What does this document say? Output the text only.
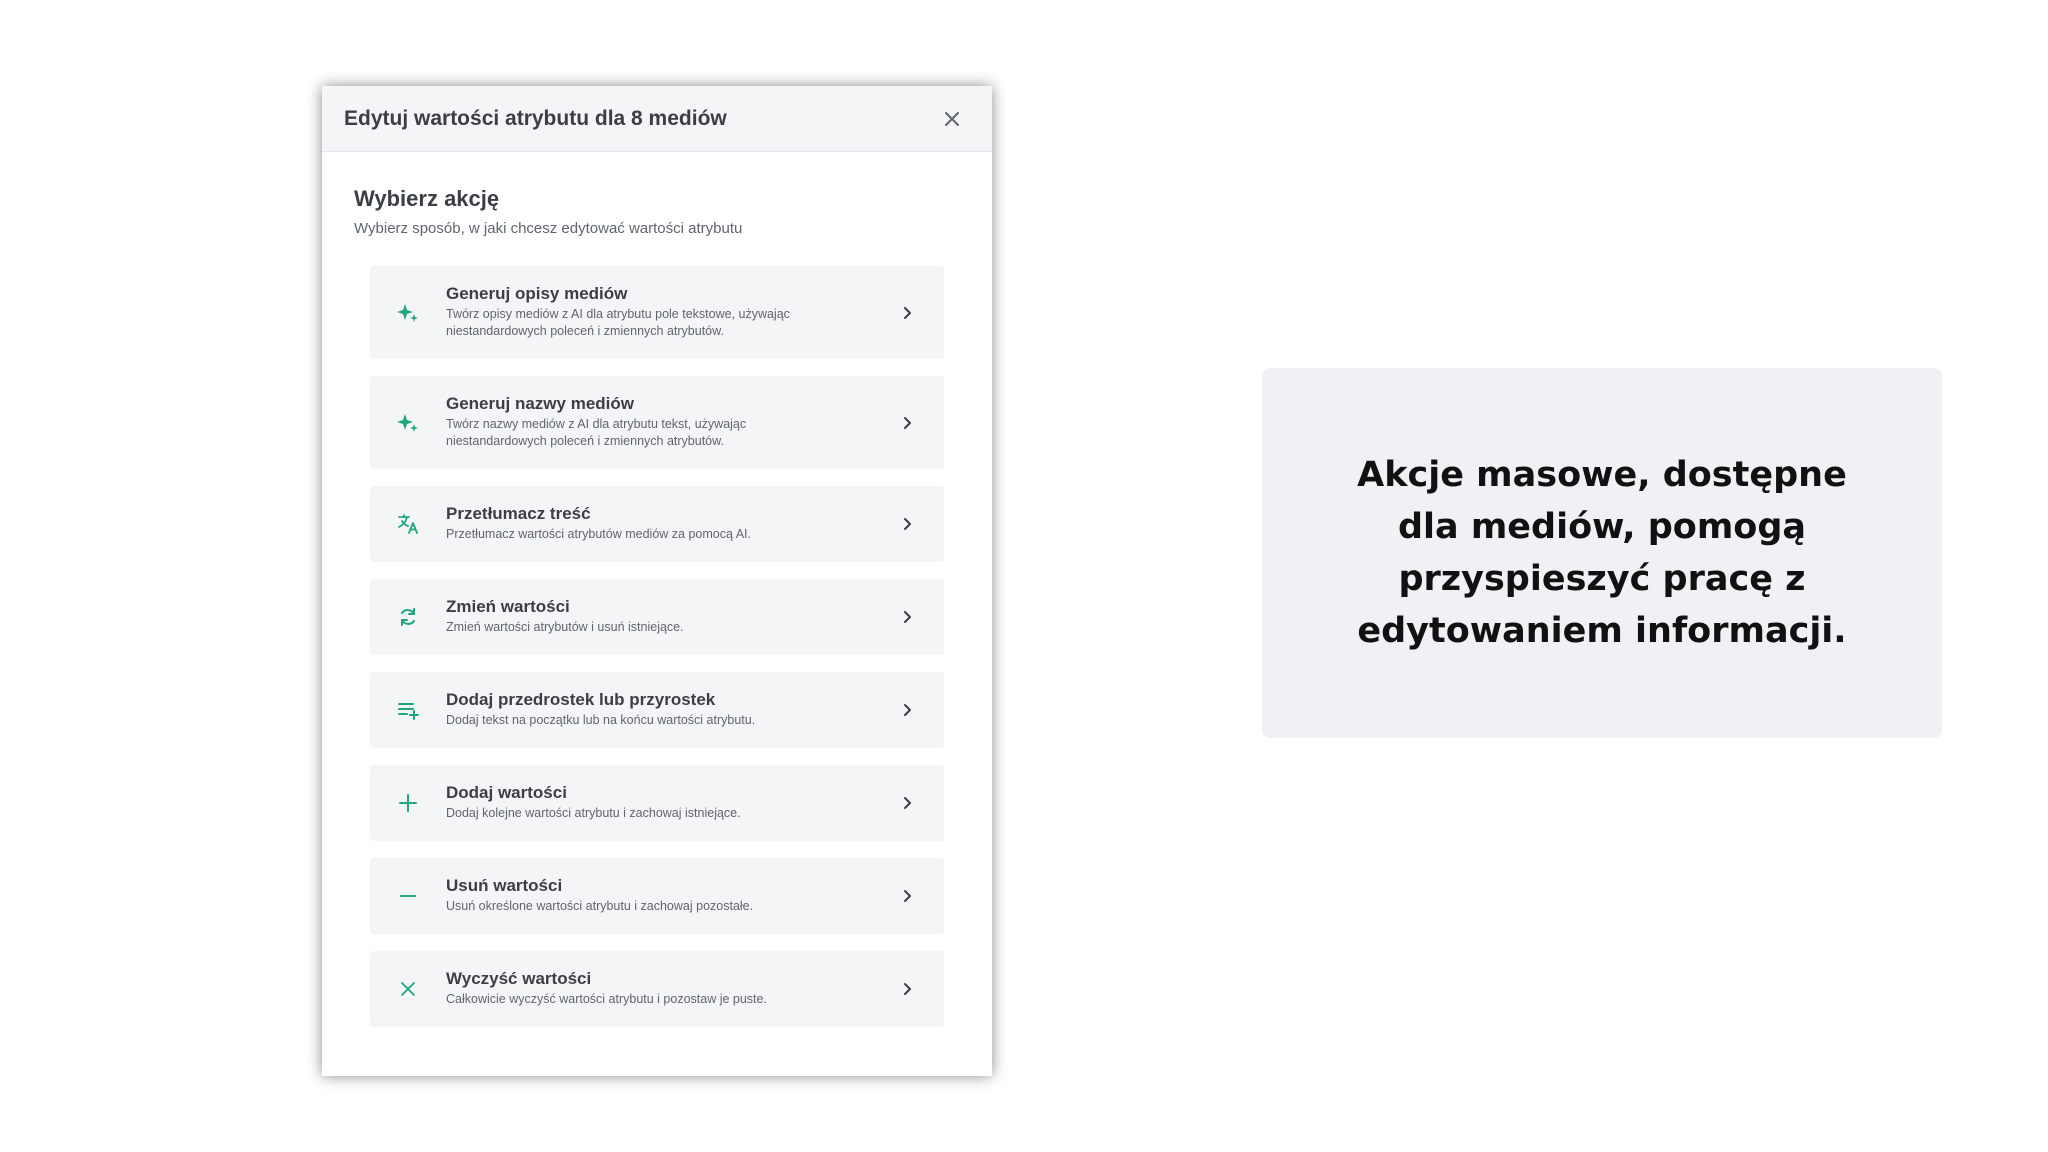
Edytuj wartości atrybutu dla 8 mediów
Wybierz akcję
Wybierz sposób, w jaki chcesz edytować wartości atrybutu
Generuj opisy mediów
Twórz opisy mediów z AI dla atrybutu pole tekstowe, używając
niestandardowych poleceń i zmiennych atrybutów.
Generuj nazwy mediów
Twórz nazwy mediów z AI dla atrybutu tekst, używając
niestandardowych poleceń i zmiennych atrybutów.
Przetłumacz treść
Przetłumacz wartości atrybutów mediów za pomocą AI.
Zmień wartości
Zmień wartości atrybutów i usuń istniejące.
Dodaj przedrostek lub przyrostek
Dodaj tekst na początku lub na końcu wartości atrybutu.
Dodaj wartości
Dodaj kolejne wartości atrybutu i zachowaj istniejące.
Usuń wartości
Usuń określone wartości atrybutu i zachowaj pozostałe.
Wyczyść wartości
Całkowicie wyczyść wartości atrybutu i pozostaw je puste.
Akcje masowe, dostępne dla mediów, pomogą przyspieszyć pracę z edytowaniem informacji.
